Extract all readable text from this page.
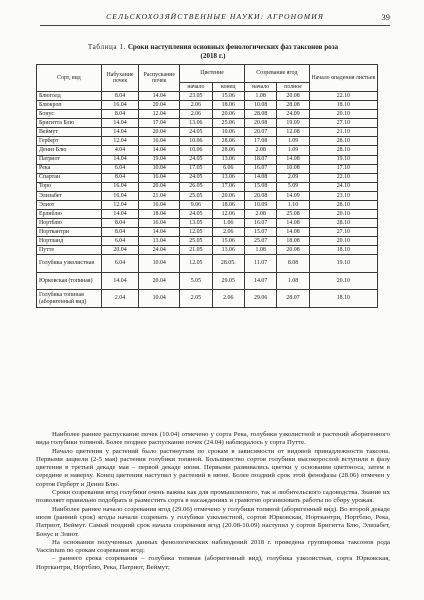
СЕЛЬСКОХОЗЯЙСТВЕННЫЕ НАУКИ: АГРОНОМИЯ	39
Таблица 1. Сроки наступления основных фенологических фаз таксонов роза
(2018 г.)
Сорт, вид	Набухание почек	Распускание почек	Цветение		Созревание ягод		Начало опадения листьев
			начало	конец	начало	полное	
Блюголд	8.04	14.04	23.05	15.06	1.08	20.08	22.10
Блюкроп	16.04	20.04	2.06	18.06	10.08	28.08	18.10
Бонус	8.04	12.04	2.06	20.06	28.08	24.09	20.10
Бригитта Блю	14.04	17.04	13.06	25.06	20.08	19.09	27.10
Веймут	14.04	20.04	24.05	10.06	20.07	12.08	21.10
Герберт	12.04	16.04	10.06	28.06	17.08	1.09	28.10
Дениз Блю	4.04	14.04	10.06	28.06	2.08	1.09	28.10
Патриот	14.04	19.04	24.05	13.06	18.07	14.08	19.10
Река	6.04	10.04	17.05	6.06	16.07	10.08	17.10
Спартан	8.04	16.04	24.05	13.06	14.08	2.09	22.10
Торо	16.04	20.04	26.05	17.06	15.08	5.09	24.10
Элизабет	16.04	21.04	25.05	20.06	20.08	14.09	23.10
Элиот	12.04	16.04	9.06	18.06	10.09	1.10	28.10
Ерлиблю	14.04	18.04	24.05	12.06	2.08	25.08	20.10
Нортблю	8.04	16.04	13.05	1.06	16.07	14.08	28.10
Норткантри	8.04	14.04	12.05	2.06	15.07	14.08	27.10
Нортланд	6.04	13.04	25.05	15.06	25.07	18.08	20.10
Путте	20.04	24.04	21.05	13.06	1.08	20.08	18.10
Голубика узколистная	6.04	10.04	12.05	28.05.	11.07	8.08	19.10
Юрковская (топиная)	14.04	20.04	5.05	29.05	14.07	1.08	20.10
Голубика топиная (аборигенный вид)	2.04	10.04	2.05	2.06	29.06	28.07	18.10

Наиболее раннее распускание почек (10.04) отмечено у сорта Река, голубики узколистной и растений аборигенного вида голубики топяной. Более позднее распускание почек (24.04) наблюдалось у сорта Путте.

Начало цветения у растений было растянутым по срокам в зависимости от видовой принадлежности таксона. Первыми зацвели (2-5 мая) растения голубики топяной. Большинство сортов голубики высокорослой вступили в фазу цветения в третьей декаде мая – первой декаде июня. Первыми развивались цветки у основания цветоноса, затем в середине и наверху. Конец цветения наступил у растений в июне. Более поздний срок этой фенофазы (28.06) отмечен у сортов Герберт и Дениз Блю.

Сроки созревания ягод голубики очень важны как для промышленного, так и любительского садоводства. Знание их позволяет правильно подобрать и разместить сорта в насаждениях и грамотно организовать работы по сбору урожая.

Наиболее раннее начало созревания ягод (29.06) отмечено у голубики топяной (аборигенный вид). Во второй декаде июля (ранний срок) ягоды начали созревать у голубики узколистной, сортов Юрковская, Норткантри, Нортблю, Река, Патриот, Веймут. Самый поздний срок начала созревания ягод (20.08-10.09) наступил у сортов Бригитта Блю, Элизабет, Бонус и Элиот.

На основании полученных данных фенологических наблюдений 2018 г. проведена группировка таксонов рода Vaccinium по срокам созревания ягод:

– раннего срока созревания – голубика топяная (аборигенный вид), голубика узколистная, сорта Юрковская, Норткантри, Нортблю, Река, Патриот, Веймут;
